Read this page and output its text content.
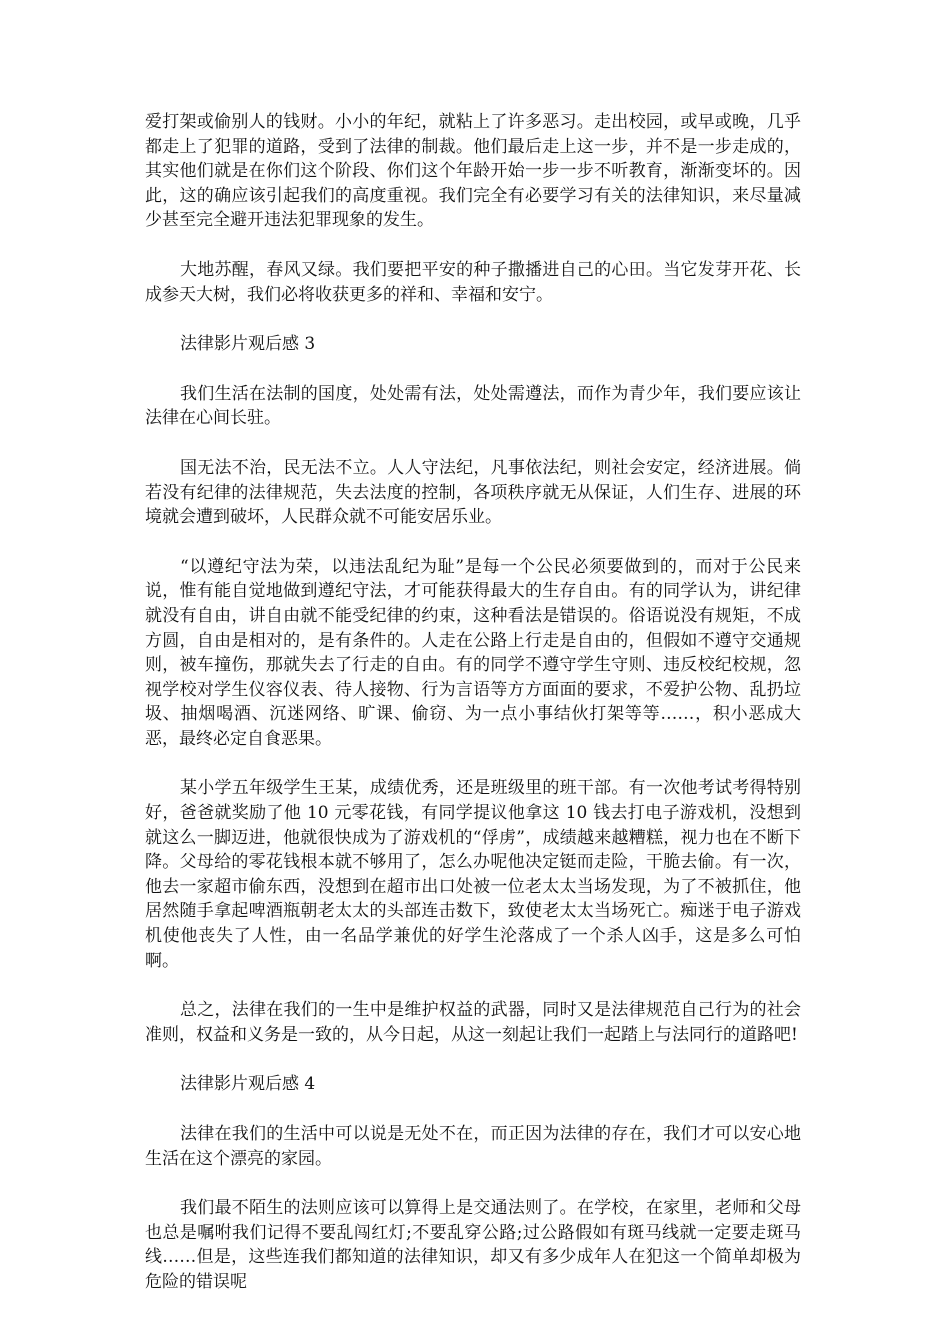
爱打架或偷别人的钱财。小小的年纪，就粘上了许多恶习。走出校园，或早或晚，几乎都走上了犯罪的道路，受到了法律的制裁。他们最后走上这一步，并不是一步走成的，其实他们就是在你们这个阶段、你们这个年龄开始一步一步不听教育，渐渐变坏的。因此，这的确应该引起我们的高度重视。我们完全有必要学习有关的法律知识，来尽量减少甚至完全避开违法犯罪现象的发生。

大地苏醒，春风又绿。我们要把平安的种子撒播进自己的心田。当它发芽开花、长成参天大树，我们必将收获更多的祥和、幸福和安宁。

法律影片观后感 3

我们生活在法制的国度，处处需有法，处处需遵法，而作为青少年，我们要应该让法律在心间长驻。

国无法不治，民无法不立。人人守法纪，凡事依法纪，则社会安定，经济进展。倘若没有纪律的法律规范，失去法度的控制，各项秩序就无从保证，人们生存、进展的环境就会遭到破坏，人民群众就不可能安居乐业。

“以遵纪守法为荣，以违法乱纪为耻”是每一个公民必须要做到的，而对于公民来说，惟有能自觉地做到遵纪守法，才可能获得最大的生存自由。有的同学认为，讲纪律就没有自由，讲自由就不能受纪律的约束，这种看法是错误的。俗语说没有规矩，不成方圆，自由是相对的，是有条件的。人走在公路上行走是自由的，但假如不遵守交通规则，被车撞伤，那就失去了行走的自由。有的同学不遵守学生守则、违反校纪校规，忽视学校对学生仪容仪表、待人接物、行为言语等方方面面的要求，不爱护公物、乱扔垃圾、抽烟喝酒、沉迷网络、旷课、偷窃、为一点小事结伙打架等等……，积小恶成大恶，最终必定自食恶果。

某小学五年级学生王某，成绩优秀，还是班级里的班干部。有一次他考试考得特别好，爸爸就奖励了他 10 元零花钱，有同学提议他拿这 10 钱去打电子游戏机，没想到就这么一脚迈进，他就很快成为了游戏机的“俘虏”，成绩越来越糟糕，视力也在不断下降。父母给的零花钱根本就不够用了，怎么办呢他决定铤而走险，干脆去偷。有一次，他去一家超市偷东西，没想到在超市出口处被一位老太太当场发现，为了不被抓住，他居然随手拿起啤酒瓶朝老太太的头部连击数下，致使老太太当场死亡。痴迷于电子游戏机使他丧失了人性，由一名品学兼优的好学生沦落成了一个杀人凶手，这是多么可怕啊。

总之，法律在我们的一生中是维护权益的武器，同时又是法律规范自己行为的社会准则，权益和义务是一致的，从今日起，从这一刻起让我们一起踏上与法同行的道路吧!

法律影片观后感 4

法律在我们的生活中可以说是无处不在，而正因为法律的存在，我们才可以安心地生活在这个漂亮的家园。

我们最不陌生的法则应该可以算得上是交通法则了。在学校，在家里，老师和父母也总是嘱咐我们记得不要乱闯红灯;不要乱穿公路;过公路假如有斑马线就一定要走斑马线……但是，这些连我们都知道的法律知识，却又有多少成年人在犯这一个简单却极为危险的错误呢
